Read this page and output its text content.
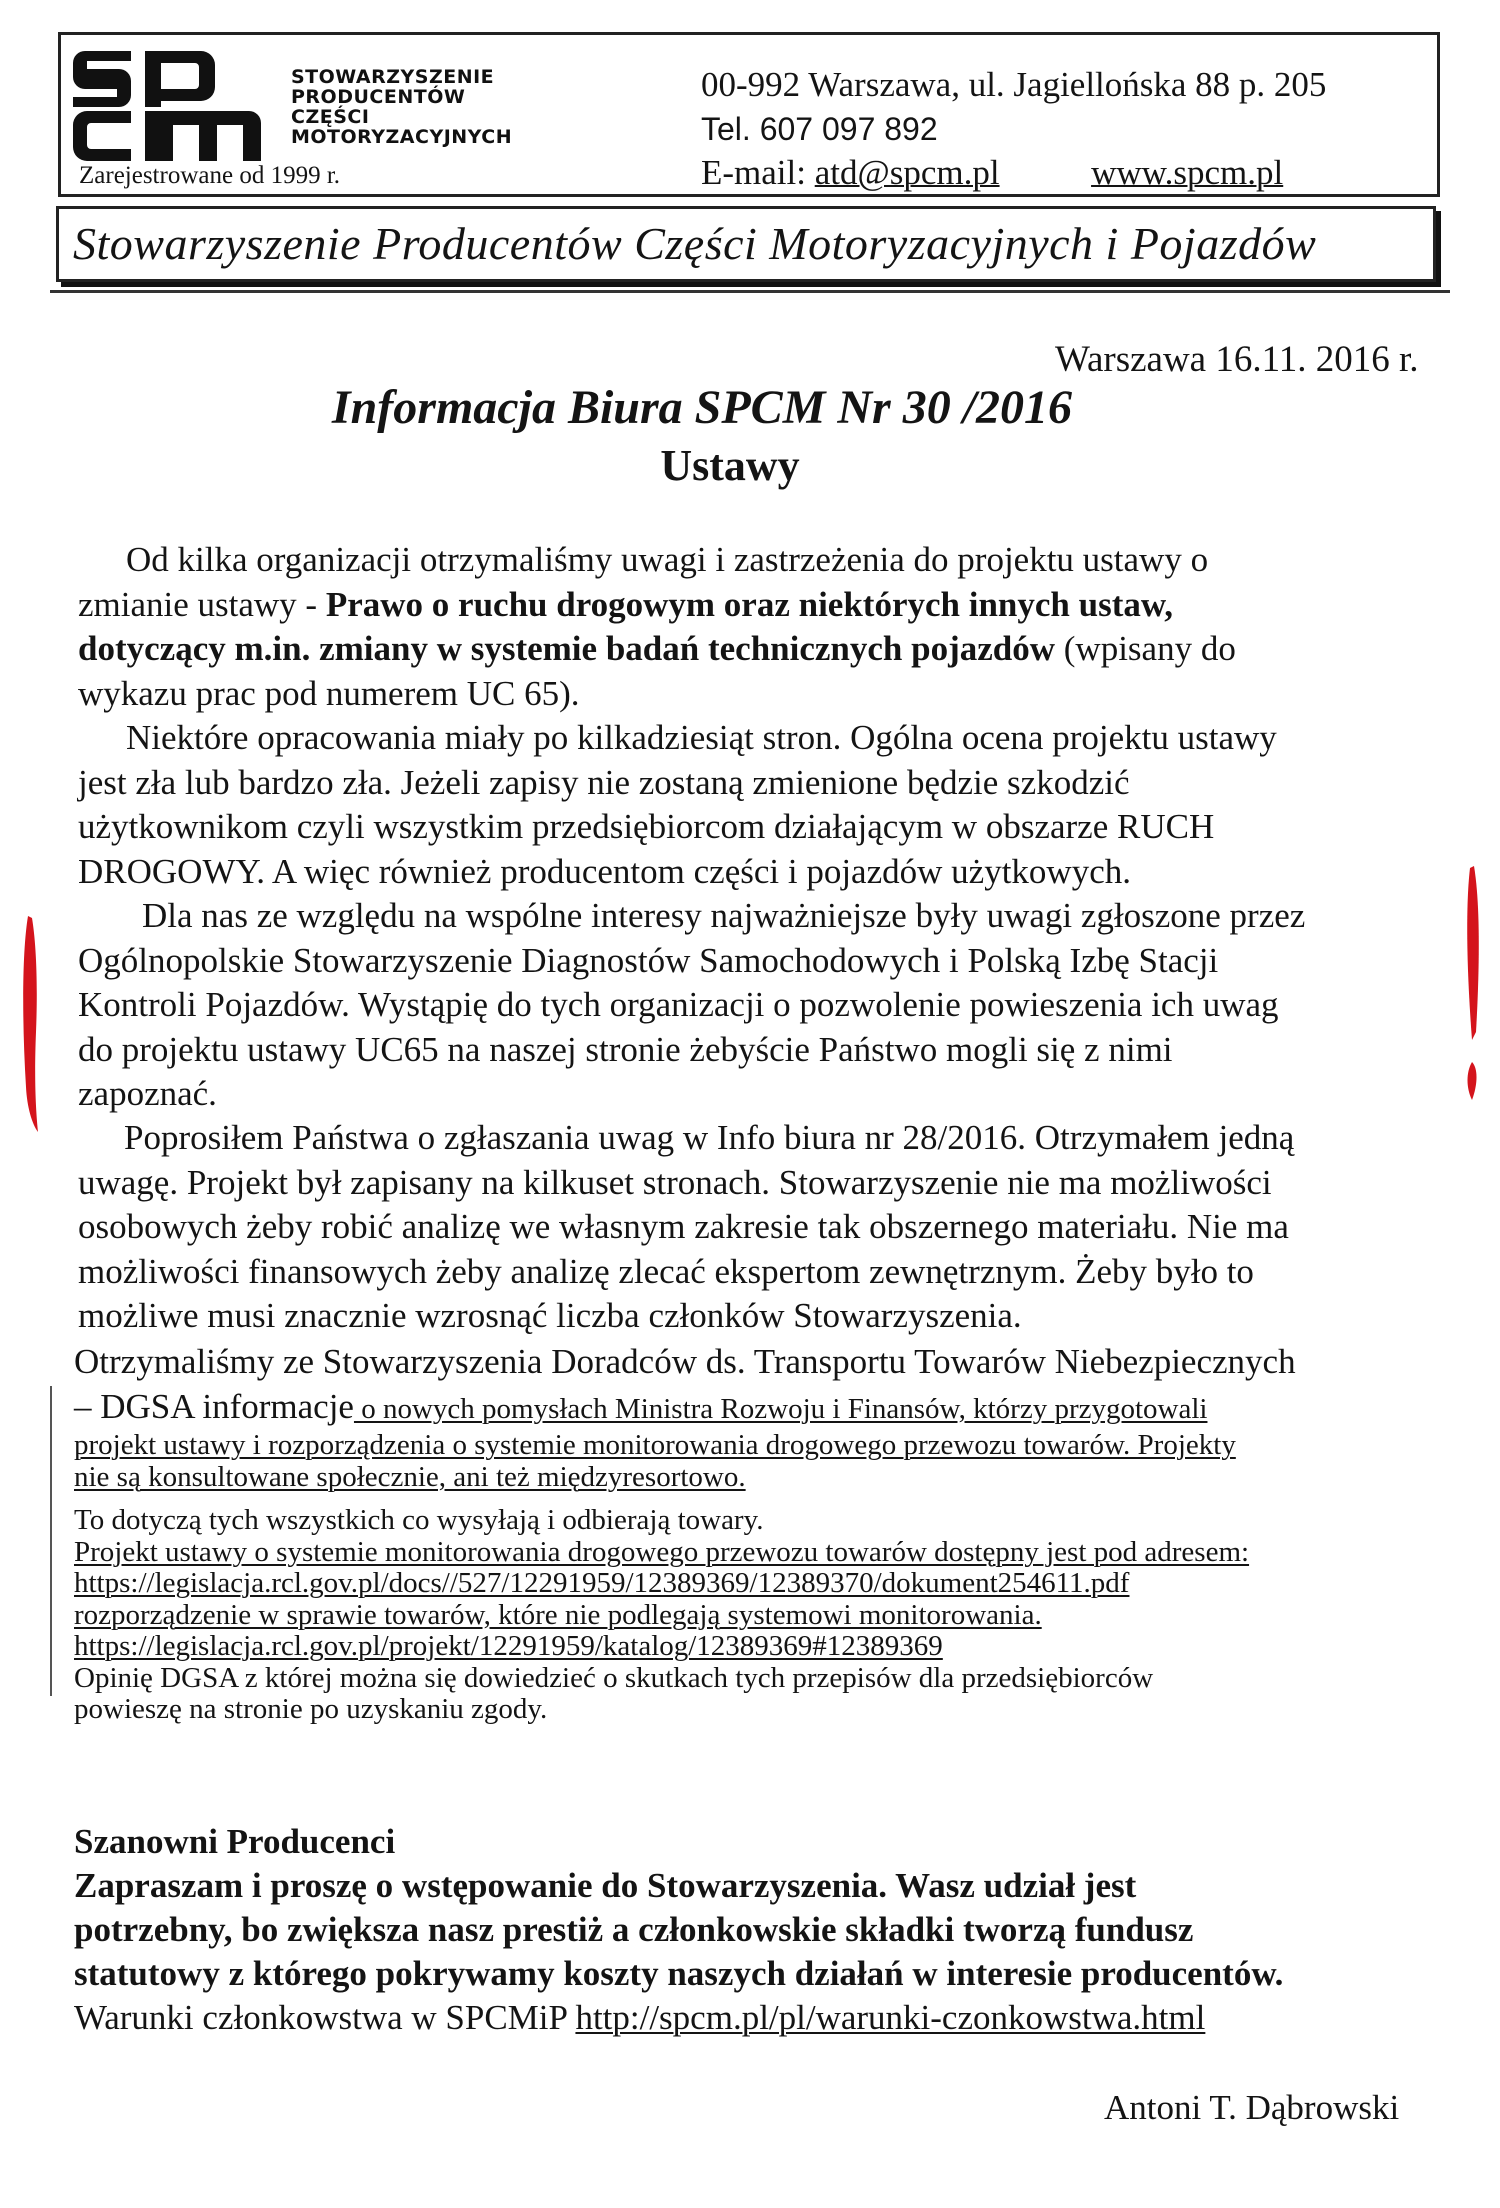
STOWARZYSZENIE
PRODUCENTÓW
CZĘŚCI
MOTORYZACYJNYCH
Zarejestrowane od 1999 r.
00-992 Warszawa, ul. Jagiellońska 88 p. 205
Tel. 607 097 892
E-mail: atd@spcm.pl	www.spcm.pl
Stowarzyszenie Producentów Części Motoryzacyjnych i Pojazdów
Warszawa 16.11. 2016 r.
Informacja Biura SPCM Nr 30 /2016
Ustawy
Od kilka organizacji otrzymaliśmy uwagi i zastrzeżenia do projektu ustawy o
zmianie ustawy - Prawo o ruchu drogowym oraz niektórych innych ustaw,
dotyczący m.in. zmiany w systemie badań technicznych pojazdów (wpisany do
wykazu prac pod numerem UC 65).
Niektóre opracowania miały po kilkadziesiąt stron. Ogólna ocena projektu ustawy
jest zła lub bardzo zła. Jeżeli zapisy nie zostaną zmienione będzie szkodzić
użytkownikom czyli wszystkim przedsiębiorcom działającym w obszarze RUCH
DROGOWY. A więc również producentom części i pojazdów użytkowych.
Dla nas ze względu na wspólne interesy najważniejsze były uwagi zgłoszone przez
Ogólnopolskie Stowarzyszenie Diagnostów Samochodowych i Polską Izbę Stacji
Kontroli Pojazdów. Wystąpię do tych organizacji o pozwolenie powieszenia ich uwag
do projektu ustawy UC65 na naszej stronie żebyście Państwo mogli się z nimi
zapoznać.
Poprosiłem Państwa o zgłaszania uwag w Info biura nr 28/2016. Otrzymałem jedną
uwagę. Projekt był zapisany na kilkuset stronach. Stowarzyszenie nie ma możliwości
osobowych żeby robić analizę we własnym zakresie tak obszernego materiału. Nie ma
możliwości finansowych żeby analizę zlecać ekspertom zewnętrznym. Żeby było to
możliwe musi znacznie wzrosnąć liczba członków Stowarzyszenia.
Otrzymaliśmy ze Stowarzyszenia Doradców ds. Transportu Towarów Niebezpiecznych
– DGSA informacje o nowych pomysłach Ministra Rozwoju i Finansów, którzy przygotowali
projekt ustawy i rozporządzenia o systemie monitorowania drogowego przewozu towarów. Projekty
nie są konsultowane społecznie, ani też międzyresortowo.
To dotyczą tych wszystkich co wysyłają i odbierają towary.
Projekt ustawy o systemie monitorowania drogowego przewozu towarów dostępny jest pod adresem:
https://legislacja.rcl.gov.pl/docs//527/12291959/12389369/12389370/dokument254611.pdf
rozporządzenie w sprawie towarów, które nie podlegają systemowi monitorowania.
https://legislacja.rcl.gov.pl/projekt/12291959/katalog/12389369#12389369
Opinię DGSA z której można się dowiedzieć o skutkach tych przepisów dla przedsiębiorców
powieszę na stronie po uzyskaniu zgody.
Szanowni Producenci
Zapraszam i proszę o wstępowanie do Stowarzyszenia. Wasz udział jest
potrzebny, bo zwiększa nasz prestiż a członkowskie składki tworzą fundusz
statutowy z którego pokrywamy koszty naszych działań w interesie producentów.
Warunki członkowstwa w SPCMiP http://spcm.pl/pl/warunki-czonkowstwa.html
Antoni T. Dąbrowski
